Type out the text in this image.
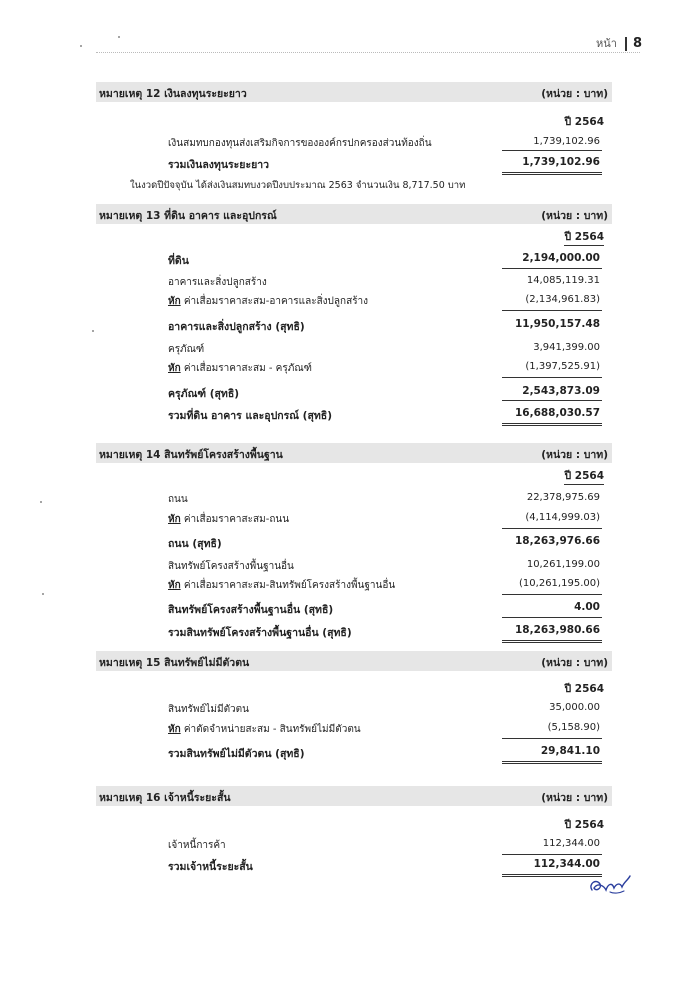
หน้า 8
หมายเหตุ 12 เงินลงทุนระยะยาว	(หน่วย : บาท)
ปี 2564
เงินสมทบกองทุนส่งเสริมกิจการขององค์กรปกครองส่วนท้องถิ่น	1,739,102.96
รวมเงินลงทุนระยะยาว	1,739,102.96
ในงวดปีปัจจุบัน ได้ส่งเงินสมทบงวดปีงบประมาณ 2563 จำนวนเงิน 8,717.50 บาท
หมายเหตุ 13 ที่ดิน อาคาร และอุปกรณ์	(หน่วย : บาท)
ปี 2564
ที่ดิน	2,194,000.00
อาคารและสิ่งปลูกสร้าง	14,085,119.31
หัก ค่าเสื่อมราคาสะสม-อาคารและสิ่งปลูกสร้าง	(2,134,961.83)
อาคารและสิ่งปลูกสร้าง (สุทธิ)	11,950,157.48
ครุภัณฑ์	3,941,399.00
หัก ค่าเสื่อมราคาสะสม - ครุภัณฑ์	(1,397,525.91)
ครุภัณฑ์ (สุทธิ)	2,543,873.09
รวมที่ดิน อาคาร และอุปกรณ์ (สุทธิ)	16,688,030.57
หมายเหตุ 14 สินทรัพย์โครงสร้างพื้นฐาน	(หน่วย : บาท)
ปี 2564
ถนน	22,378,975.69
หัก ค่าเสื่อมราคาสะสม-ถนน	(4,114,999.03)
ถนน (สุทธิ)	18,263,976.66
สินทรัพย์โครงสร้างพื้นฐานอื่น	10,261,199.00
หัก ค่าเสื่อมราคาสะสม-สินทรัพย์โครงสร้างพื้นฐานอื่น	(10,261,195.00)
สินทรัพย์โครงสร้างพื้นฐานอื่น (สุทธิ)	4.00
รวมสินทรัพย์โครงสร้างพื้นฐานอื่น (สุทธิ)	18,263,980.66
หมายเหตุ 15 สินทรัพย์ไม่มีตัวตน	(หน่วย : บาท)
ปี 2564
สินทรัพย์ไม่มีตัวตน	35,000.00
หัก ค่าตัดจำหน่ายสะสม - สินทรัพย์ไม่มีตัวตน	(5,158.90)
รวมสินทรัพย์ไม่มีตัวตน (สุทธิ)	29,841.10
หมายเหตุ 16 เจ้าหนี้ระยะสั้น	(หน่วย : บาท)
ปี 2564
เจ้าหนี้การค้า	112,344.00
รวมเจ้าหนี้ระยะสั้น	112,344.00
